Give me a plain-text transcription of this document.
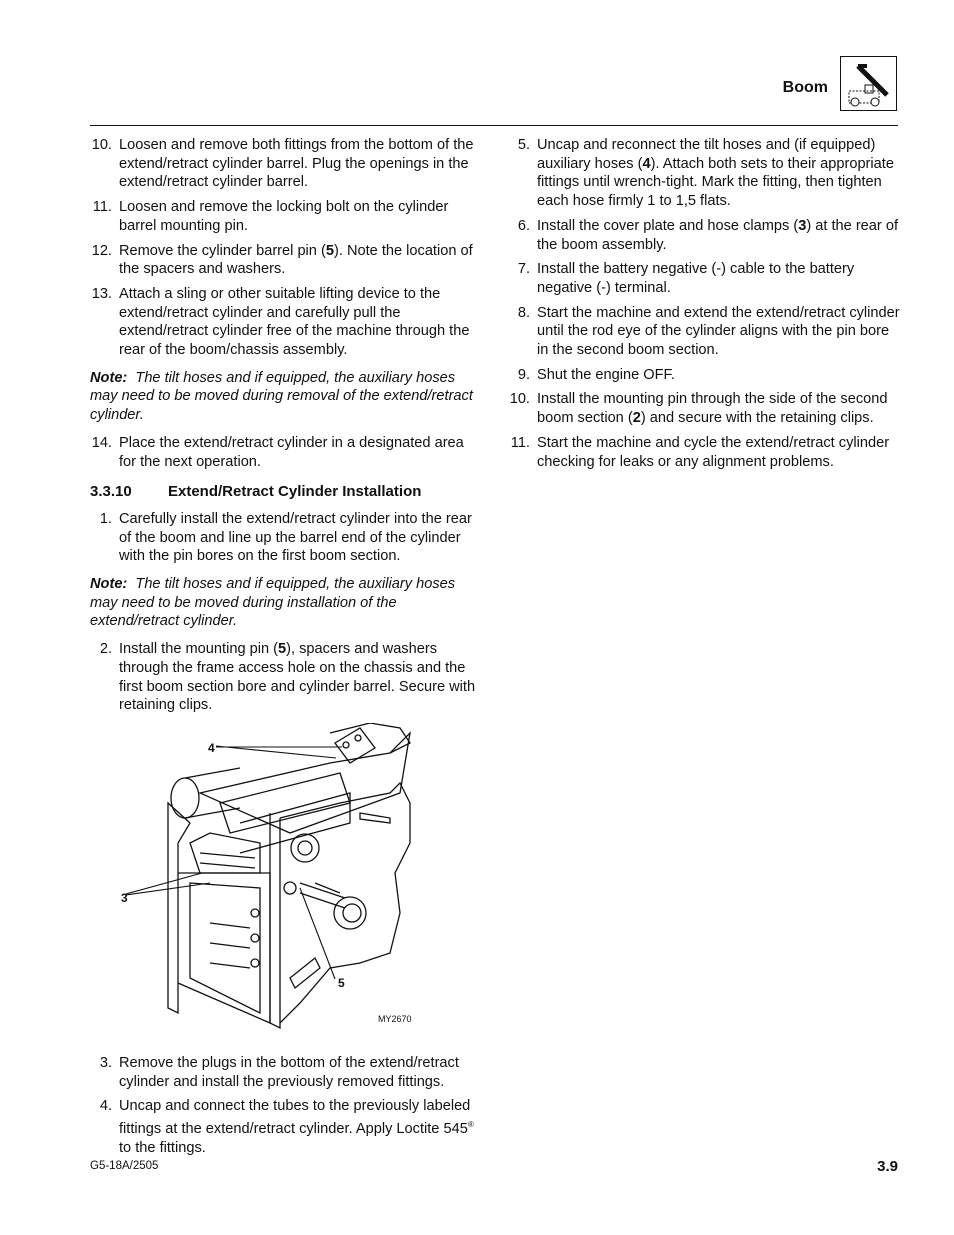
Boom
10. Loosen and remove both fittings from the bottom of the extend/retract cylinder barrel. Plug the openings in the extend/retract cylinder barrel.
11. Loosen and remove the locking bolt on the cylinder barrel mounting pin.
12. Remove the cylinder barrel pin (5). Note the location of the spacers and washers.
13. Attach a sling or other suitable lifting device to the extend/retract cylinder and carefully pull the extend/retract cylinder free of the machine through the rear of the boom/chassis assembly.
Note: The tilt hoses and if equipped, the auxiliary hoses may need to be moved during removal of the extend/retract cylinder.
14. Place the extend/retract cylinder in a designated area for the next operation.
3.3.10 Extend/Retract Cylinder Installation
1. Carefully install the extend/retract cylinder into the rear of the boom and line up the barrel end of the cylinder with the pin bores on the first boom section.
Note: The tilt hoses and if equipped, the auxiliary hoses may need to be moved during installation of the extend/retract cylinder.
2. Install the mounting pin (5), spacers and washers through the frame access hole on the chassis and the first boom section bore and cylinder barrel. Secure with retaining clips.
4
3
5
MY2670
3. Remove the plugs in the bottom of the extend/retract cylinder and install the previously removed fittings.
4. Uncap and connect the tubes to the previously labeled fittings at the extend/retract cylinder. Apply Loctite 545® to the fittings.
5. Uncap and reconnect the tilt hoses and (if equipped) auxiliary hoses (4). Attach both sets to their appropriate fittings until wrench-tight. Mark the fitting, then tighten each hose firmly 1 to 1,5 flats.
6. Install the cover plate and hose clamps (3) at the rear of the boom assembly.
7. Install the battery negative (-) cable to the battery negative (-) terminal.
8. Start the machine and extend the extend/retract cylinder until the rod eye of the cylinder aligns with the pin bore in the second boom section.
9. Shut the engine OFF.
10. Install the mounting pin through the side of the second boom section (2) and secure with the retaining clips.
11. Start the machine and cycle the extend/retract cylinder checking for leaks or any alignment problems.
G5-18A/2505	3.9
